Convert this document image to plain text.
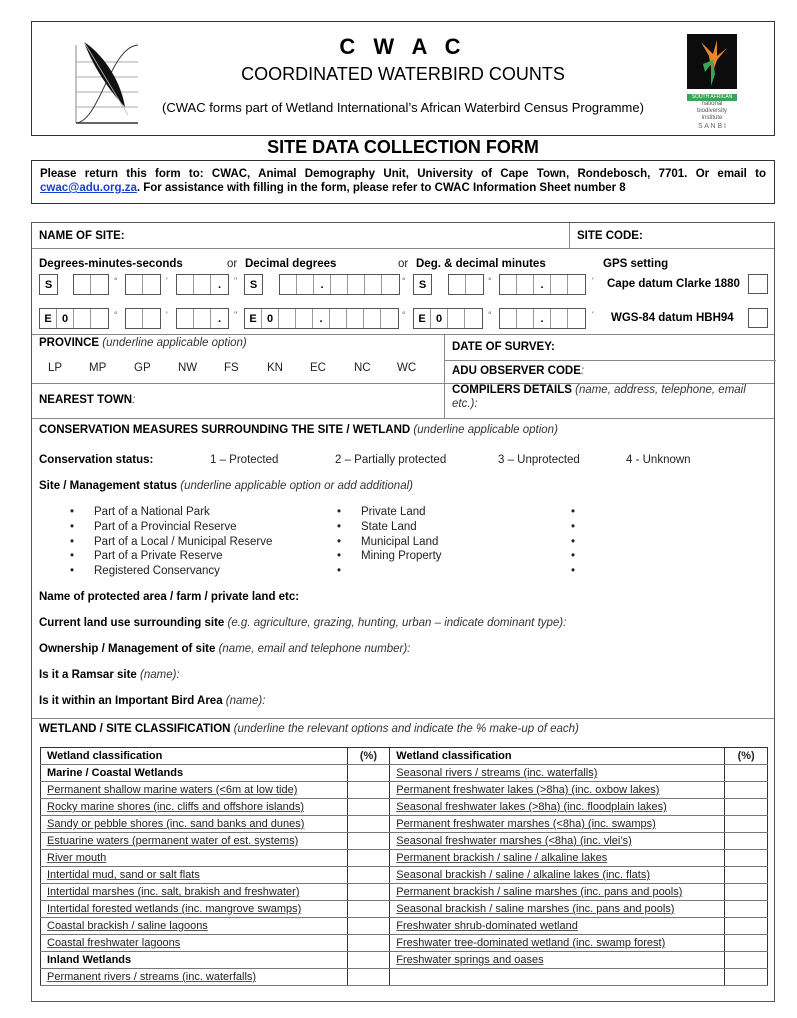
C W A C
COORDINATED WATERBIRD COUNTS
(CWAC forms part of Wetland International’s African Waterbird Census Programme)
SOUTH AFRICAN
national
biodiversity
institute
S A N B I
SITE DATA COLLECTION FORM
Please return this form to: CWAC, Animal Demography Unit, University of Cape Town, Rondebosch, 7701. Or email to cwac@adu.org.za. For assistance with filling in the form, please refer to CWAC Information Sheet number 8
NAME OF SITE:	SITE CODE:
Degrees-minutes-seconds	or Decimal degrees	or Deg. & decimal minutes	GPS setting
S	°	'	.	"	S	.	°	S	°	.	' Cape datum Clarke 1880
E 0	°	'	.	"	E 0	.	°	E 0	°	.	' WGS-84 datum HBH94
PROVINCE (underline applicable option)
LP MP GP NW FS KN EC NC WC
DATE OF SURVEY:
ADU OBSERVER CODE:
NEAREST TOWN:
COMPILERS DETAILS (name, address, telephone, email
etc.):
CONSERVATION MEASURES SURROUNDING THE SITE / WETLAND (underline applicable option)
Conservation status:	1 – Protected	2 – Partially protected	3 – Unprotected	4 - Unknown
Site / Management status (underline applicable option or add additional)
• Part of a National Park
• Part of a Provincial Reserve
• Part of a Local / Municipal Reserve
• Part of a Private Reserve
• Registered Conservancy
• Private Land
• State Land
• Municipal Land
• Mining Property
•
•
•
•
•
•
Name of protected area / farm / private land etc:
Current land use surrounding site (e.g. agriculture, grazing, hunting, urban – indicate dominant type):
Ownership / Management of site (name, email and telephone number):
Is it a Ramsar site (name):
Is it within an Important Bird Area (name):
WETLAND / SITE CLASSIFICATION (underline the relevant options and indicate the % make-up of each)
Wetland classification	(%)	Wetland classification	(%)
Marine / Coastal Wetlands		Seasonal rivers / streams (inc. waterfalls)	
Permanent shallow marine waters (<6m at low tide)		Permanent freshwater lakes (>8ha) (inc. oxbow lakes)	
Rocky marine shores (inc. cliffs and offshore islands)		Seasonal freshwater lakes (>8ha) (inc. floodplain lakes)	
Sandy or pebble shores (inc. sand banks and dunes)		Permanent freshwater marshes (<8ha) (inc. swamps)	
Estuarine waters (permanent water of est. systems)		Seasonal freshwater marshes (<8ha) (inc. vlei’s)	
River mouth		Permanent brackish / saline / alkaline lakes	
Intertidal mud, sand or salt flats		Seasonal brackish / saline / alkaline lakes (inc. flats)	
Intertidal marshes (inc. salt, brakish and freshwater)		Permanent brackish / saline marshes (inc. pans and pools)	
Intertidal forested wetlands (inc. mangrove swamps)		Seasonal brackish / saline marshes (inc. pans and pools)	
Coastal brackish / saline lagoons		Freshwater shrub-dominated wetland	
Coastal freshwater lagoons		Freshwater tree-dominated wetland (inc. swamp forest)	
Inland Wetlands		Freshwater springs and oases	
Permanent rivers / streams (inc. waterfalls)			
